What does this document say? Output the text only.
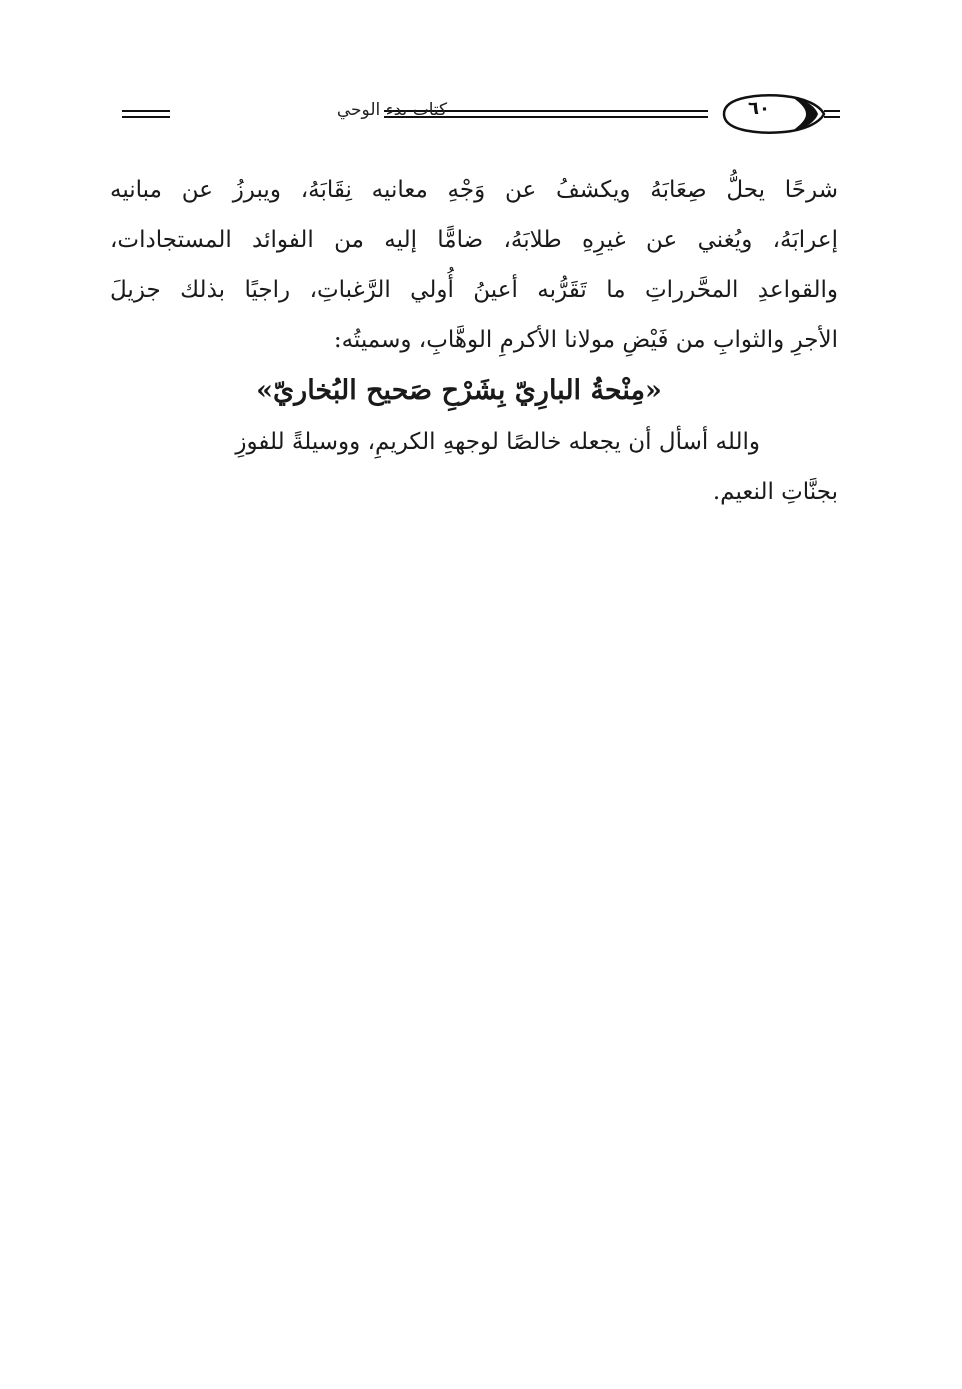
كتاب بدء الوحي	٦٠
شرحًا يحلُّ صِعَابَهُ ويكشفُ عن وَجْهِ معانيه نِقَابَهُ، ويبرزُ عن مبانيه
إعرابَهُ، ويُغني عن غيرِهِ طلابَهُ، ضامًّا إليه من الفوائد المستجادات،
والقواعدِ المحَّرراتِ ما تَقَرُّبه أعينُ أُولي الرَّغباتِ، راجيًا بذلك جزيلَ
الأجرِ والثوابِ من فَيْضِ مولانا الأكرمِ الوهَّابِ، وسميتُه:
«مِنْحةُ البارِيّ بِشَرْحِ صَحيح البُخاريّ»
والله أسأل أن يجعله خالصًا لوجههِ الكريمِ، ووسيلةً للفوزِ
بجنَّاتِ النعيم.
